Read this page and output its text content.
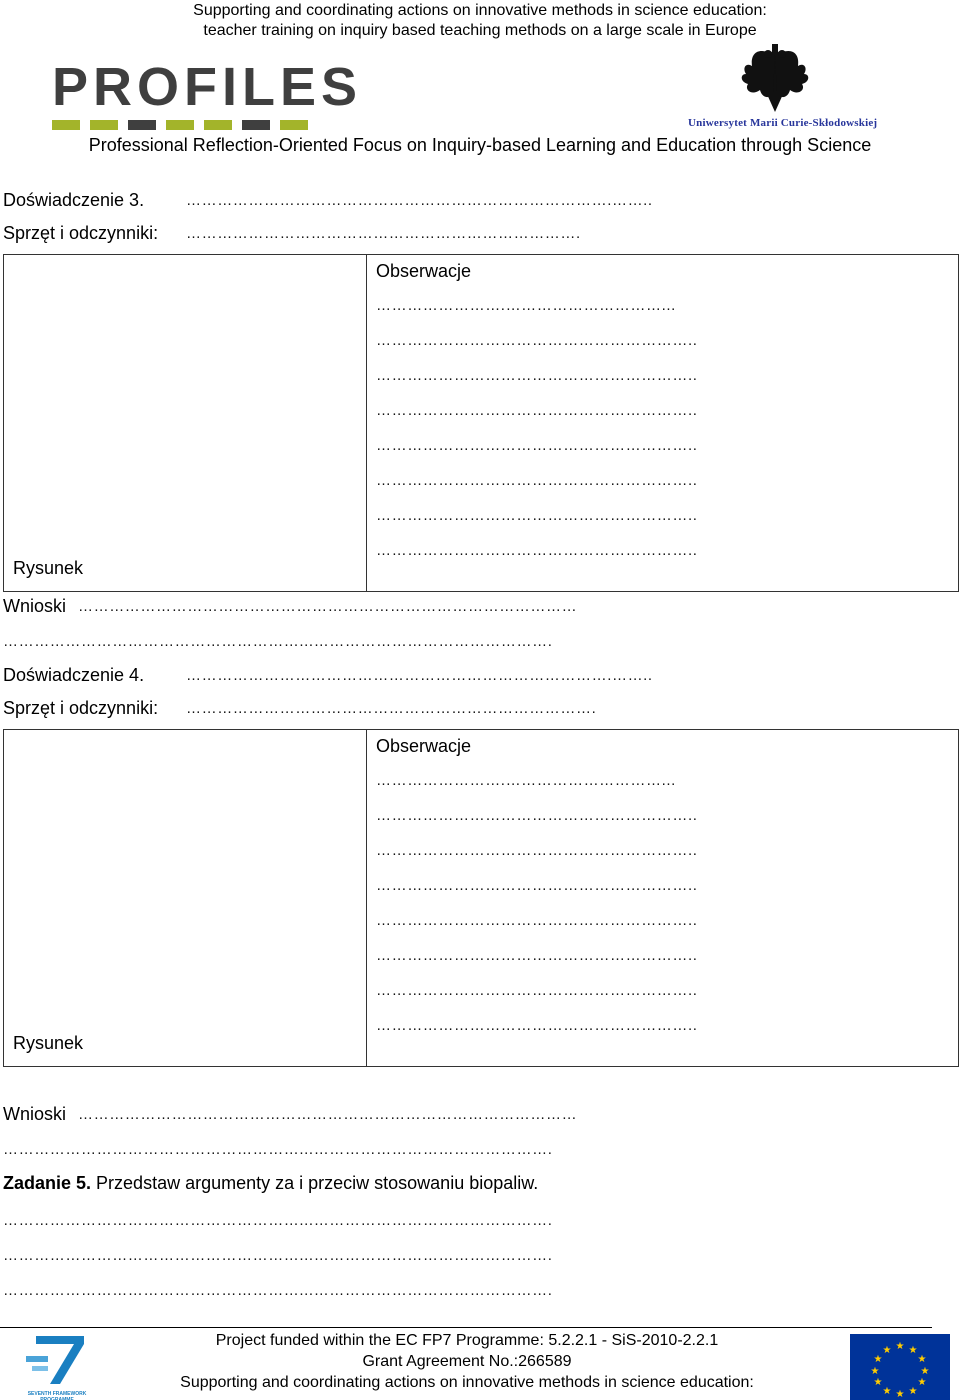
Supporting and coordinating actions on innovative methods in science education:
teacher training on inquiry based teaching methods on a large scale in Europe
PROFILES
Uniwersytet Marii Curie-Skłodowskiej
Professional Reflection-Oriented Focus on Inquiry-based Learning and Education through Science
Doświadczenie 3.	……………………………………………………………………….……..
Sprzęt i odczynniki: ………………………………………………………………….
Obserwacje
Rysunek
…………………….…………………………...
……………………………………………………..
……………………………………………………..
……………………………………………………..
……………………………………………………..
……………………………………………………..
……………………………………………………..
……………………………………………………..
Wnioski ……………………………………………………………………………………
…………………………………………………...……………………………………….
Doświadczenie 4.	……………………………………………………………………….……..
Sprzęt i odczynniki: …………………………………………………………………….
Obserwacje
Rysunek
…………………….…………………………...
……………………………………………………..
……………………………………………………..
……………………………………………………..
……………………………………………………..
……………………………………………………..
……………………………………………………..
……………………………………………………..
Wnioski ……………………………………………………………………………………
…………………………………………………...……………………………………….
Zadanie 5. Przedstaw argumenty za i przeciw stosowaniu biopaliw.
…………………………………………………...……………………………………….
…………………………………………………...……………………………………….
…………………………………………………...……………………………………….
Project funded within the EC FP7 Programme: 5.2.2.1 - SiS-2010-2.2.1
Grant Agreement No.:266589
Supporting and coordinating actions on innovative methods in science education:
SEVENTH FRAMEWORK PROGRAMME
★ ★
★
★
★
★
★
★
★
★
★
★
